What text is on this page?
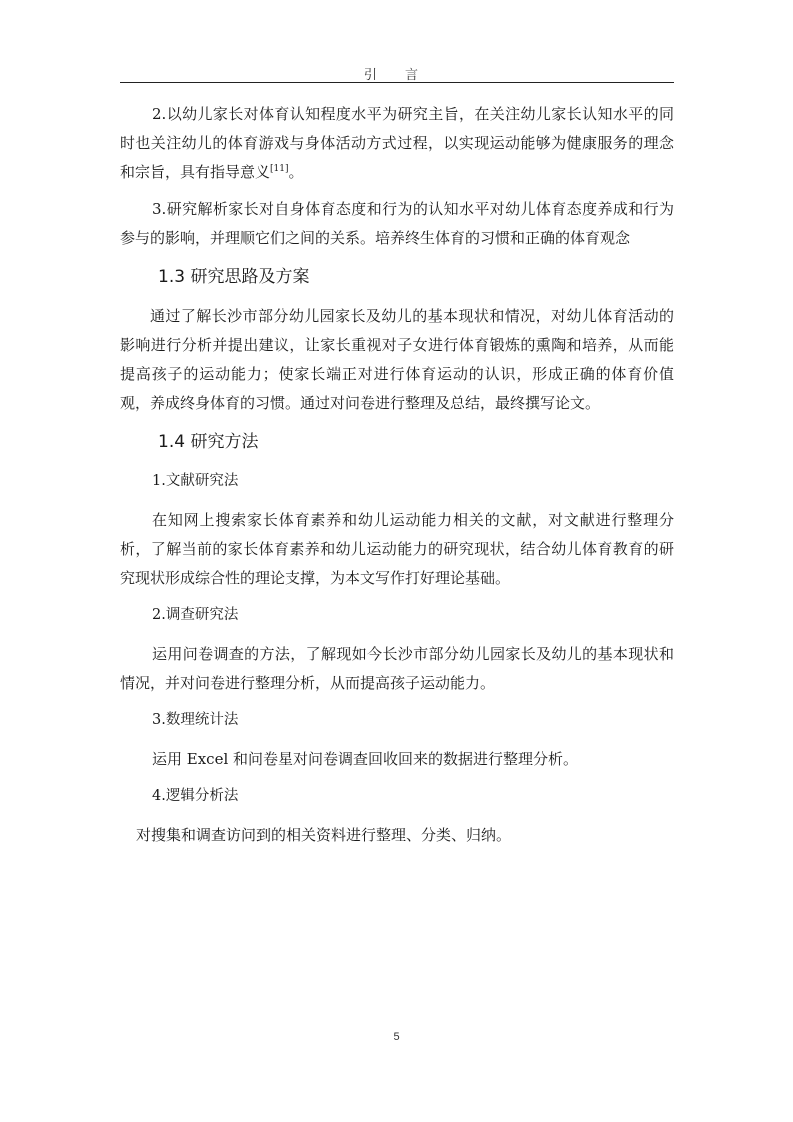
引 言

2.以幼儿家长对体育认知程度水平为研究主旨，在关注幼儿家长认知水平的同时也关注幼儿的体育游戏与身体活动方式过程，以实现运动能够为健康服务的理念和宗旨，具有指导意义[11]。

3.研究解析家长对自身体育态度和行为的认知水平对幼儿体育态度养成和行为参与的影响，并理顺它们之间的关系。培养终生体育的习惯和正确的体育观念

1.3 研究思路及方案

通过了解长沙市部分幼儿园家长及幼儿的基本现状和情况，对幼儿体育活动的影响进行分析并提出建议，让家长重视对子女进行体育锻炼的熏陶和培养，从而能提高孩子的运动能力；使家长端正对进行体育运动的认识，形成正确的体育价值观，养成终身体育的习惯。通过对问卷进行整理及总结，最终撰写论文。

1.4 研究方法
1.文献研究法

在知网上搜索家长体育素养和幼儿运动能力相关的文献，对文献进行整理分析，了解当前的家长体育素养和幼儿运动能力的研究现状，结合幼儿体育教育的研究现状形成综合性的理论支撑，为本文写作打好理论基础。

2.调查研究法

运用问卷调查的方法，了解现如今长沙市部分幼儿园家长及幼儿的基本现状和情况，并对问卷进行整理分析，从而提高孩子运动能力。

3.数理统计法

运用 Excel 和问卷星对问卷调查回收回来的数据进行整理分析。

4.逻辑分析法

对搜集和调查访问到的相关资料进行整理、分类、归纳。

5
